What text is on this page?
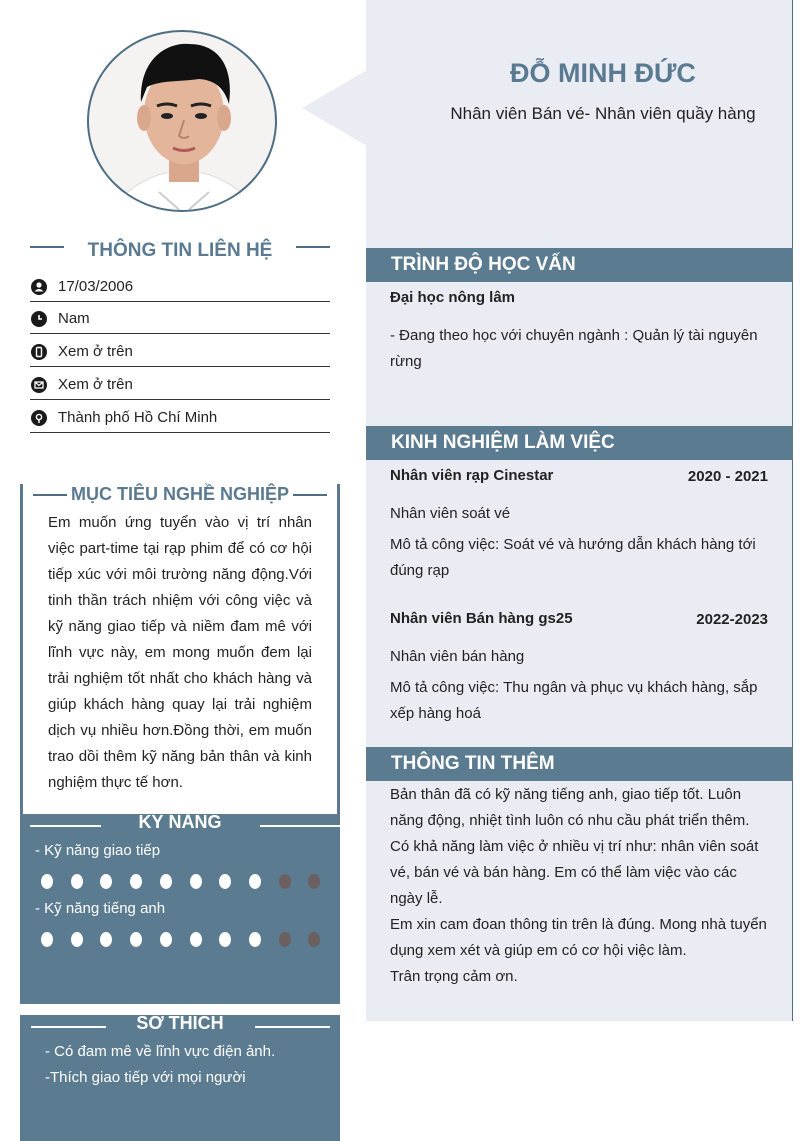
ĐỖ MINH ĐỨC
Nhân viên Bán vé- Nhân viên quầy hàng
THÔNG TIN LIÊN HỆ
17/03/2006
Nam
Xem ở trên
Xem ở trên
Thành phố Hồ Chí Minh
MỤC TIÊU NGHỀ NGHIỆP
Em muốn ứng tuyển vào vị trí nhân việc part-time tại rạp phim để có cơ hội tiếp xúc với môi trường năng động.Với tinh thần trách nhiệm với công việc và kỹ năng giao tiếp và niềm đam mê với lĩnh vực này, em mong muốn đem lại trải nghiệm tốt nhất cho khách hàng và giúp khách hàng quay lại trải nghiệm dịch vụ nhiều hơn.Đồng thời, em muốn trao dồi thêm kỹ năng bản thân và kinh nghiệm thực tế hơn.
KỸ NĂNG
- Kỹ năng giao tiếp
- Kỹ năng tiếng anh
SỞ THÍCH
- Có đam mê về lĩnh vực điện ảnh.
-Thích giao tiếp với mọi người
TRÌNH ĐỘ HỌC VẤN
Đại học nông lâm
- Đang theo học với chuyên ngành : Quản lý tài nguyên rừng
KINH NGHIỆM LÀM VIỆC
Nhân viên rạp Cinestar	2020 - 2021
Nhân viên soát vé
Mô tả công việc: Soát vé và hướng dẫn khách hàng tới đúng rạp
Nhân viên Bán hàng gs25	2022-2023
Nhân viên bán hàng
Mô tả công việc: Thu ngân và phục vụ khách hàng, sắp xếp hàng hoá
THÔNG TIN THÊM
Bản thân đã có kỹ năng tiếng anh, giao tiếp tốt. Luôn năng động, nhiệt tình luôn có nhu cầu phát triển thêm.
Có khả năng làm việc ở nhiều vị trí như: nhân viên soát vé, bán vé và bán hàng. Em có thể làm việc vào các ngày lễ.
Em xin cam đoan thông tin trên là đúng. Mong nhà tuyển dụng xem xét và giúp em có cơ hội việc làm.
Trân trọng cảm ơn.
